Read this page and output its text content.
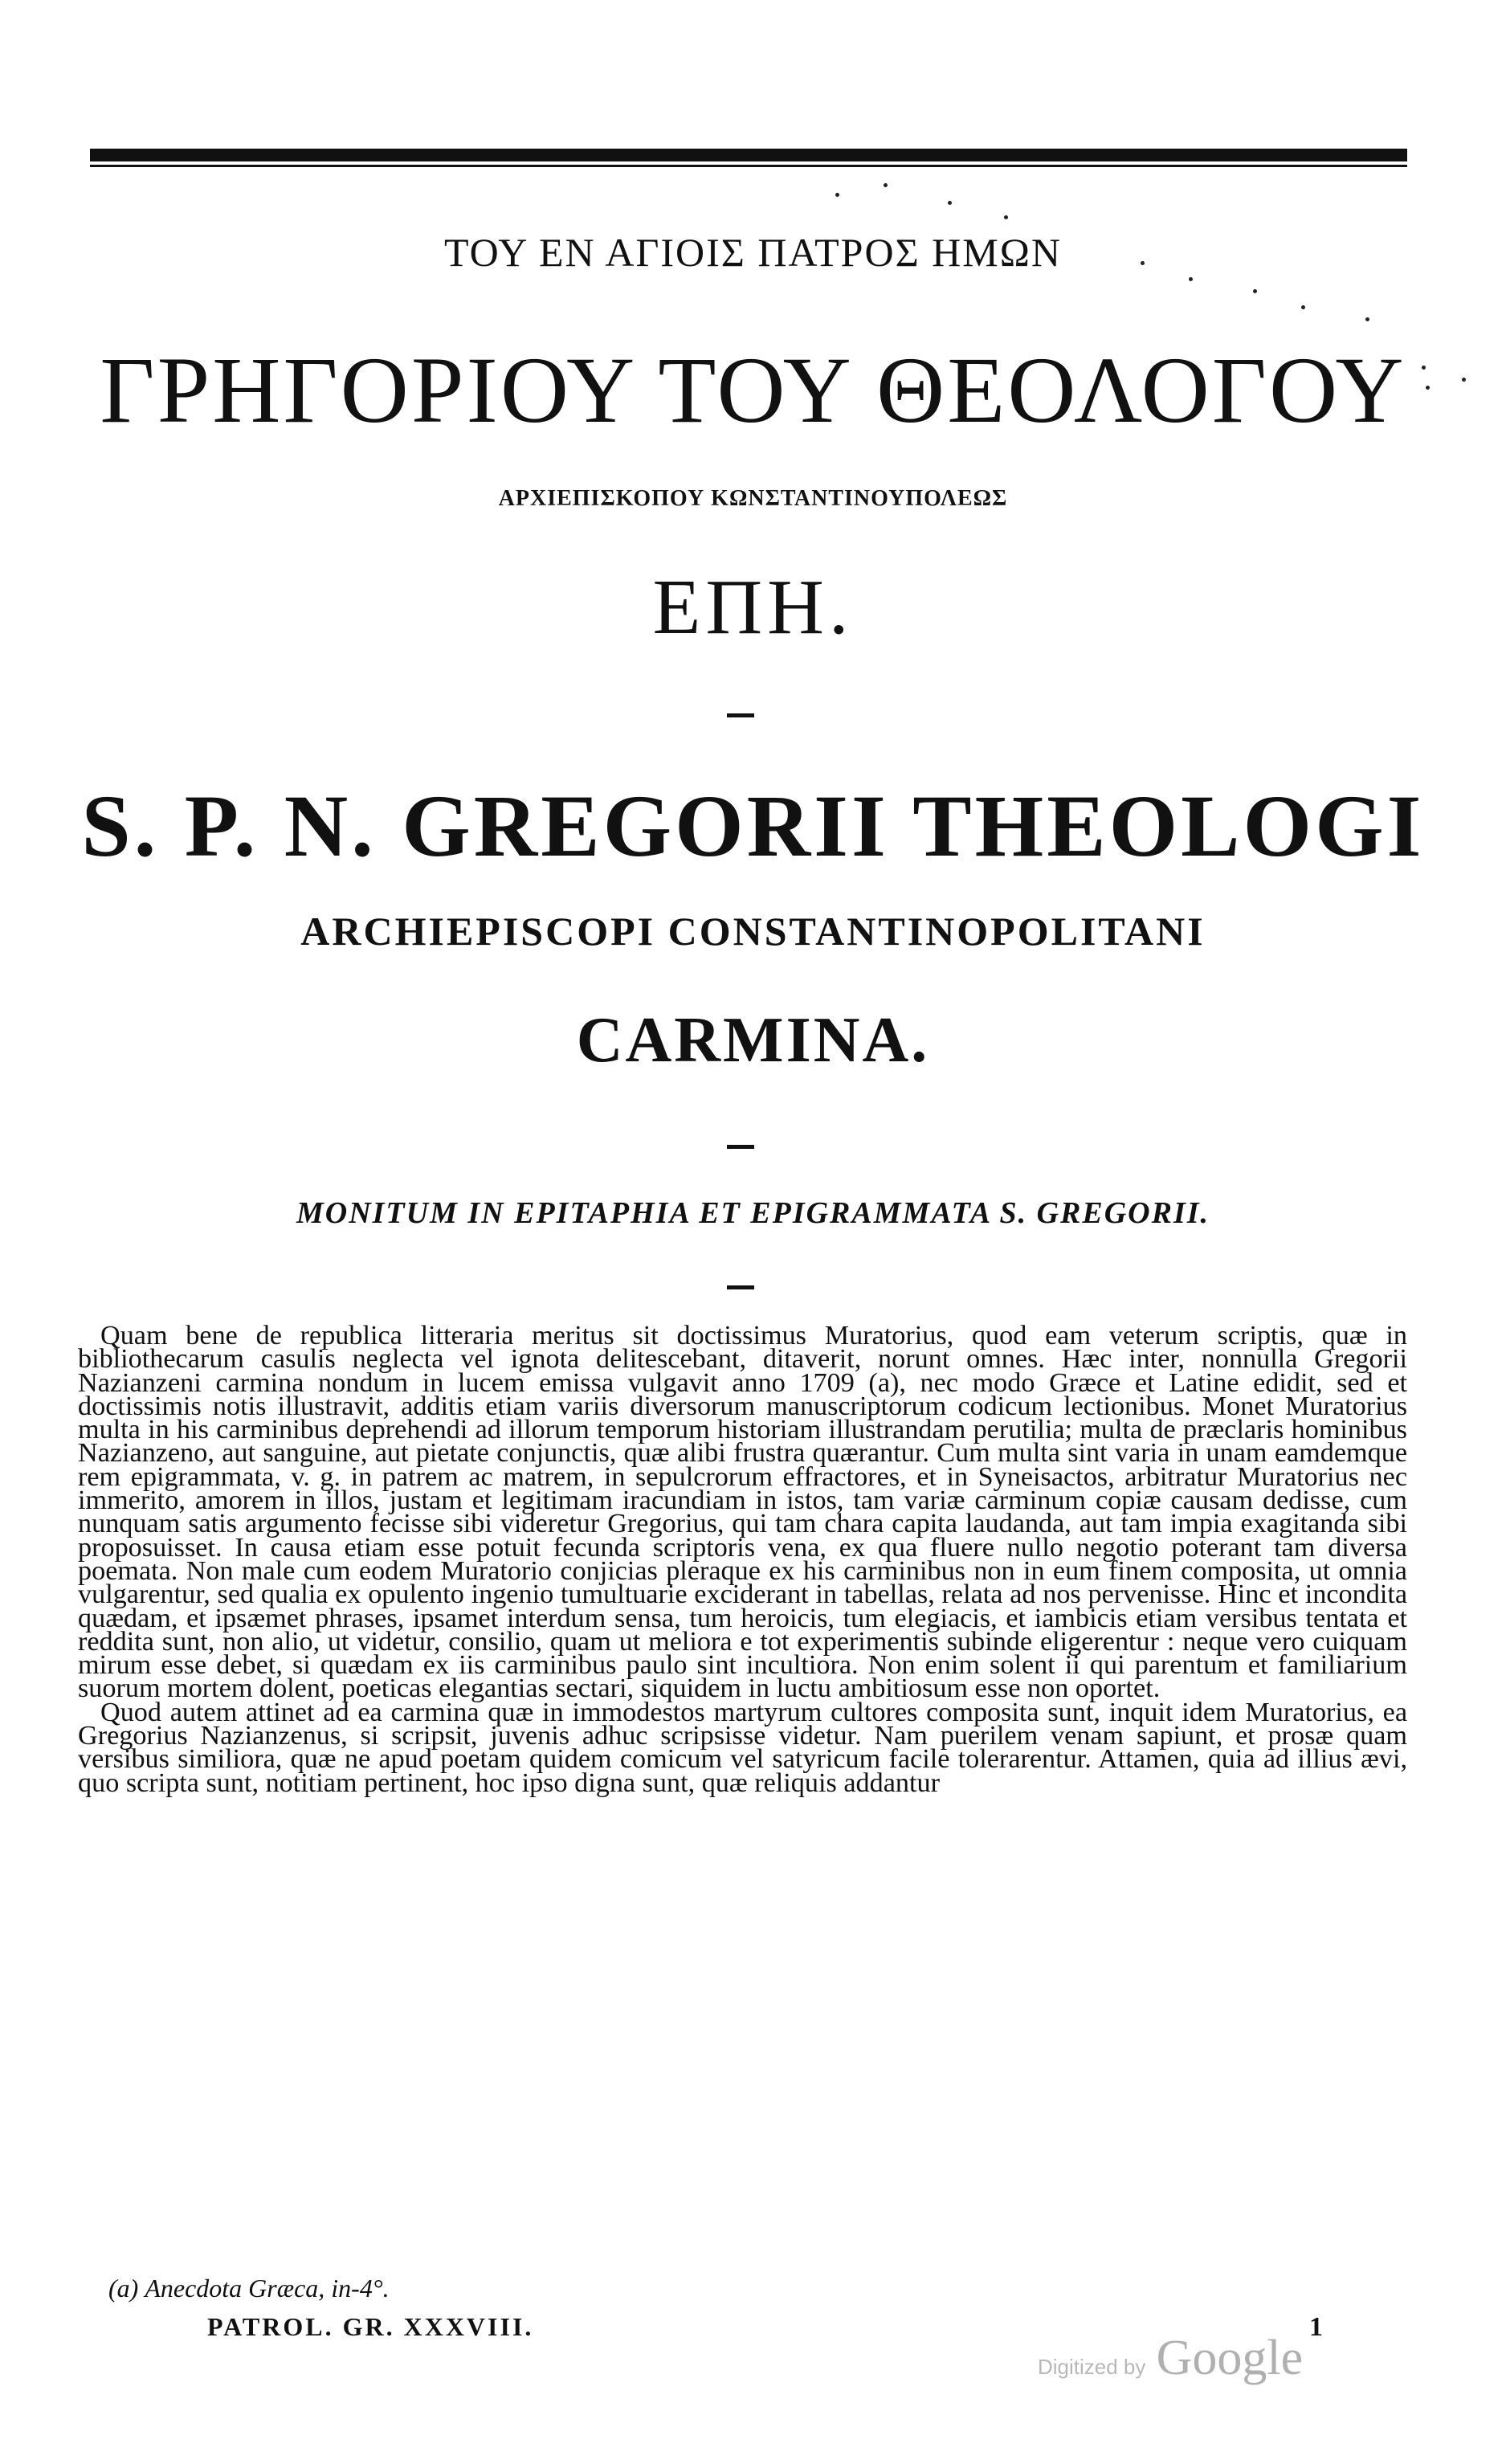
ΤΟΥ ΕΝ ΑΓΙΟΙΣ ΠΑΤΡΟΣ ΗΜΩΝ
ΓΡΗΓΟΡΙΟΥ ΤΟΥ ΘΕΟΛΟΓΟΥ
ΑΡΧΙΕΠΙΣΚΟΠΟΥ ΚΩΝΣΤΑΝΤΙΝΟΥΠΟΛΕΩΣ
ΕΠΗ.
S. P. N. GREGORII THEOLOGI
ARCHIEPISCOPI CONSTANTINOPOLITANI
CARMINA.
MONITUM IN EPITAPHIA ET EPIGRAMMATA S. GREGORII.

Quam bene de republica litteraria meritus sit doctissimus Muratorius, quod eam veterum scriptis, quæ in bibliothecarum casulis neglecta vel ignota delitescebant, ditaverit, norunt omnes. Hæc inter, nonnulla Gregorii Nazianzeni carmina nondum in lucem emissa vulgavit anno 1709 (a), nec modo Græce et Latine edidit, sed et doctissimis notis illustravit, additis etiam variis diversorum manuscriptorum codicum lectionibus. Monet Muratorius multa in his carminibus deprehendi ad illorum temporum historiam illustrandam perutilia; multa de præclaris hominibus Nazianzeno, aut sanguine, aut pietate conjunctis, quæ alibi frustra quærantur. Cum multa sint varia in unam eamdemque rem epigrammata, v. g. in patrem ac matrem, in sepulcrorum effractores, et in Syneisactos, arbitratur Muratorius nec immerito, amorem in illos, justam et legitimam iracundiam in istos, tam variæ carminum copiæ causam dedisse, cum nunquam satis argumento fecisse sibi videretur Gregorius, qui tam chara capita laudanda, aut tam impia exagitanda sibi proposuisset. In causa etiam esse potuit fecunda scriptoris vena, ex qua fluere nullo negotio poterant tam diversa poemata. Non male cum eodem Muratorio conjicias pleraque ex his carminibus non in eum finem composita, ut omnia vulgarentur, sed qualia ex opulento ingenio tumultuarie exciderant in tabellas, relata ad nos pervenisse. Hinc et incondita quædam, et ipsæmet phrases, ipsamet interdum sensa, tum heroicis, tum elegiacis, et iambicis etiam versibus tentata et reddita sunt, non alio, ut videtur, consilio, quam ut meliora e tot experimentis subinde eligerentur : neque vero cuiquam mirum esse debet, si quædam ex iis carminibus paulo sint incultiora. Non enim solent ii qui parentum et familiarium suorum mortem dolent, poeticas elegantias sectari, siquidem in luctu ambitiosum esse non oportet.

Quod autem attinet ad ea carmina quæ in immodestos martyrum cultores composita sunt, inquit idem Muratorius, ea Gregorius Nazianzenus, si scripsit, juvenis adhuc scripsisse videtur. Nam puerilem venam sapiunt, et prosæ quam versibus similiora, quæ ne apud poetam quidem comicum vel satyricum facile tolerarentur. Attamen, quia ad illius ævi, quo scripta sunt, notitiam pertinent, hoc ipso digna sunt, quæ reliquis addantur

(a) Anecdota Græca, in-4°.
PATROL. GR. XXXVIII.	1
Digitized by Google
